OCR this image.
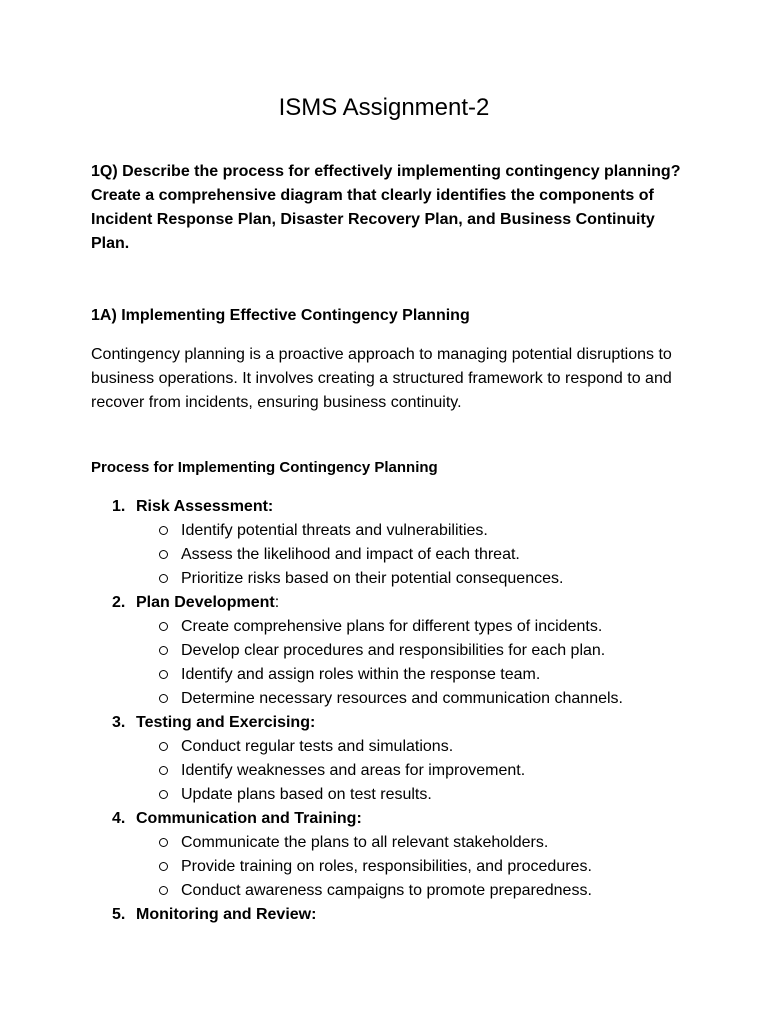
ISMS Assignment-2
1Q) Describe the process for effectively implementing contingency planning? Create a comprehensive diagram that clearly identifies the components of Incident Response Plan, Disaster Recovery Plan, and Business Continuity Plan.
1A) Implementing Effective Contingency Planning
Contingency planning is a proactive approach to managing potential disruptions to business operations. It involves creating a structured framework to respond to and recover from incidents, ensuring business continuity.
Process for Implementing Contingency Planning
1. Risk Assessment:
Identify potential threats and vulnerabilities.
Assess the likelihood and impact of each threat.
Prioritize risks based on their potential consequences.
2. Plan Development:
Create comprehensive plans for different types of incidents.
Develop clear procedures and responsibilities for each plan.
Identify and assign roles within the response team.
Determine necessary resources and communication channels.
3. Testing and Exercising:
Conduct regular tests and simulations.
Identify weaknesses and areas for improvement.
Update plans based on test results.
4. Communication and Training:
Communicate the plans to all relevant stakeholders.
Provide training on roles, responsibilities, and procedures.
Conduct awareness campaigns to promote preparedness.
5. Monitoring and Review:
